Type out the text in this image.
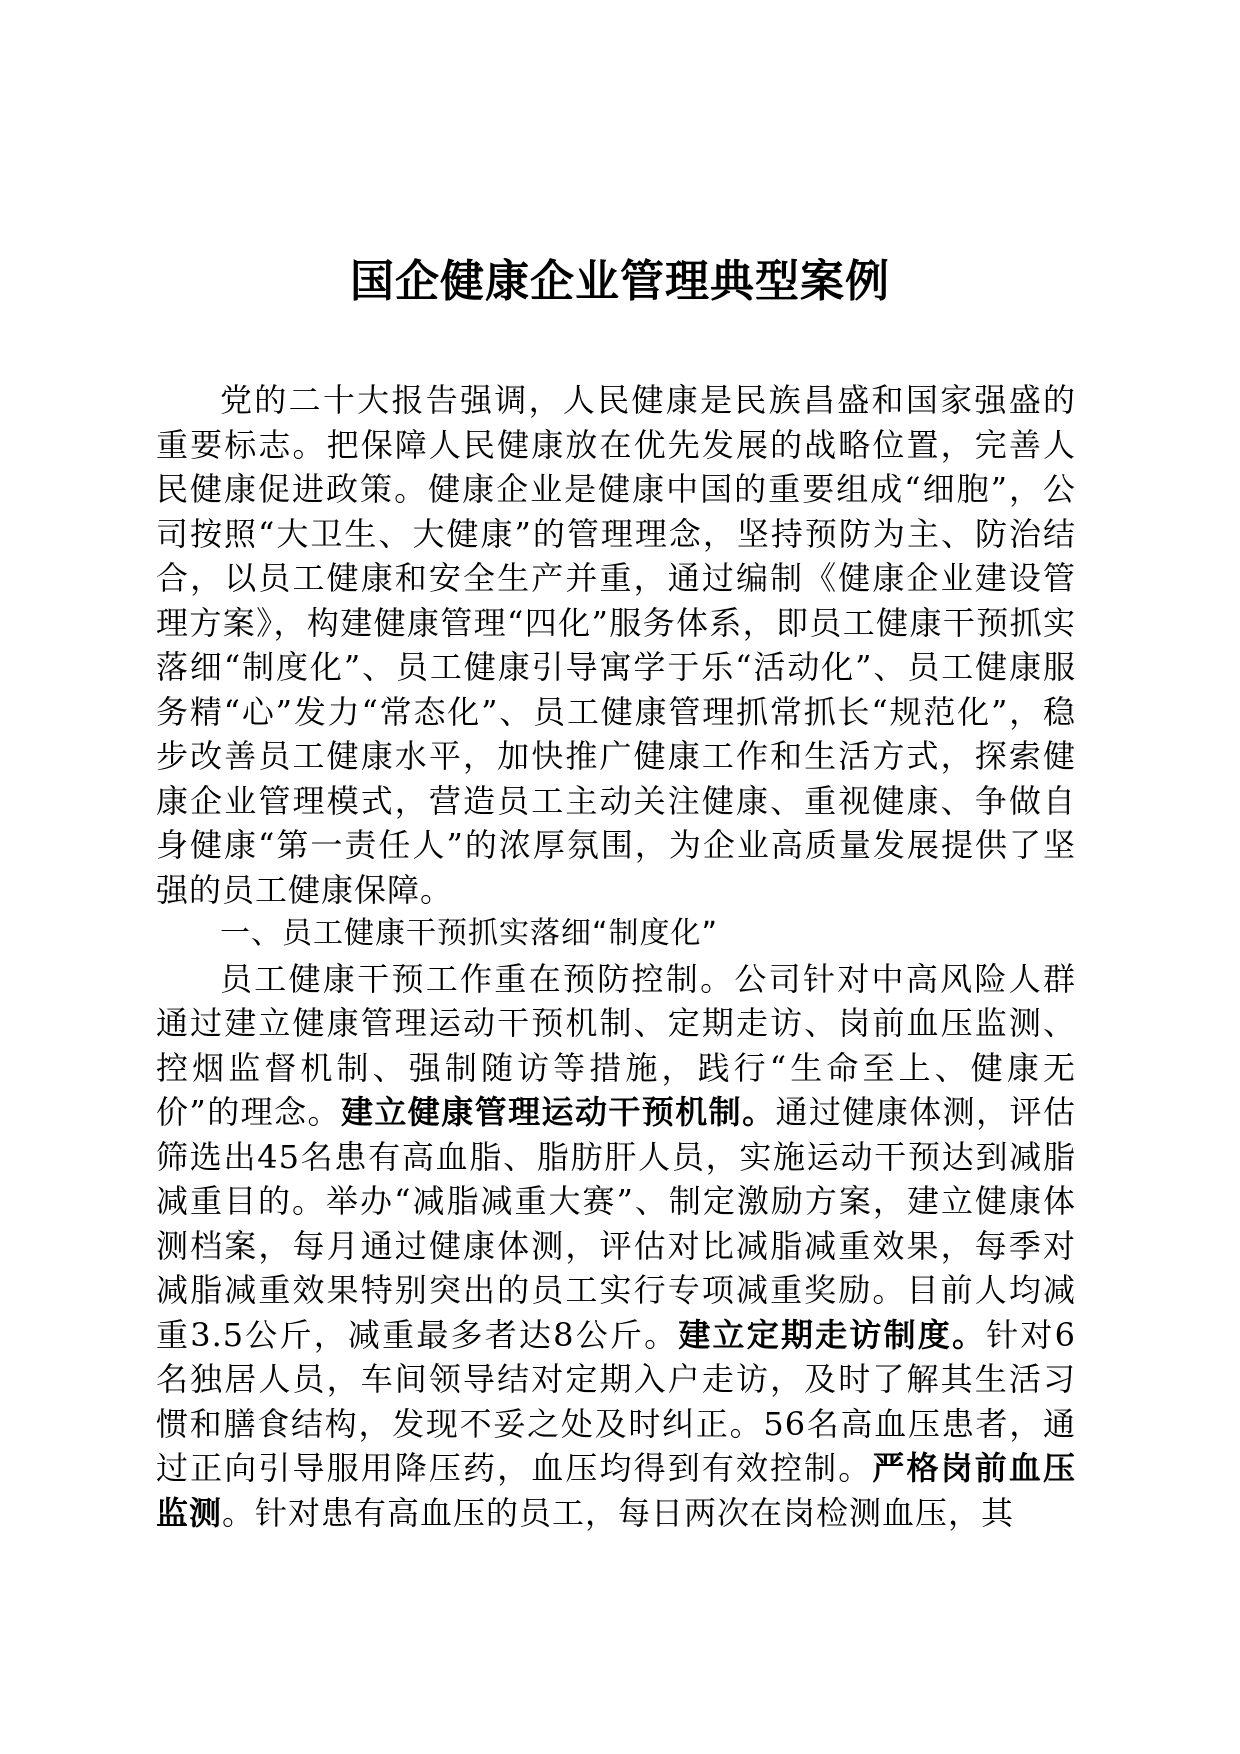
国企健康企业管理典型案例

党的二十大报告强调，人民健康是民族昌盛和国家强盛的重要标志。把保障人民健康放在优先发展的战略位置，完善人民健康促进政策。健康企业是健康中国的重要组成“细胞”，公司按照“大卫生、大健康”的管理理念，坚持预防为主、防治结合，以员工健康和安全生产并重，通过编制《健康企业建设管理方案》，构建健康管理“四化”服务体系，即员工健康干预抓实落细“制度化”、员工健康引导寓学于乐“活动化”、员工健康服务精“心”发力“常态化”、员工健康管理抓常抓长“规范化”，稳步改善员工健康水平，加快推广健康工作和生活方式，探索健康企业管理模式，营造员工主动关注健康、重视健康、争做自身健康“第一责任人”的浓厚氛围，为企业高质量发展提供了坚强的员工健康保障。

一、员工健康干预抓实落细“制度化”

员工健康干预工作重在预防控制。公司针对中高风险人群通过建立健康管理运动干预机制、定期走访、岗前血压监测、控烟监督机制、强制随访等措施，践行“生命至上、健康无价”的理念。建立健康管理运动干预机制。通过健康体测，评估筛选出45名患有高血脂、脂肪肝人员，实施运动干预达到减脂减重目的。举办“减脂减重大赛”、制定激励方案，建立健康体测档案，每月通过健康体测，评估对比减脂减重效果，每季对减脂减重效果特别突出的员工实行专项减重奖励。目前人均减重3.5公斤，减重最多者达8公斤。建立定期走访制度。针对6名独居人员，车间领导结对定期入户走访，及时了解其生活习惯和膳食结构，发现不妥之处及时纠正。56名高血压患者，通过正向引导服用降压药，血压均得到有效控制。严格岗前血压监测。针对患有高血压的员工，每日两次在岗检测血压，其
